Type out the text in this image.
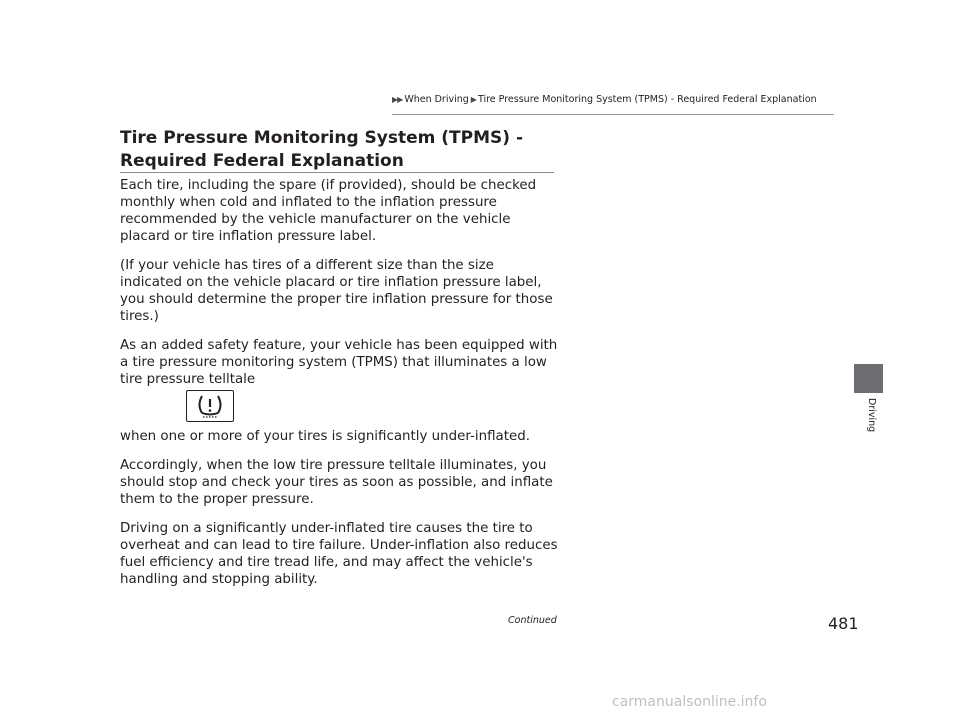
▶▶ When Driving ▶ Tire Pressure Monitoring System (TPMS) - Required Federal Explanation
Tire Pressure Monitoring System (TPMS) - Required Federal Explanation

Each tire, including the spare (if provided), should be checked monthly when cold and inflated to the inflation pressure recommended by the vehicle manufacturer on the vehicle placard or tire inflation pressure label.

(If your vehicle has tires of a different size than the size indicated on the vehicle placard or tire inflation pressure label, you should determine the proper tire inflation pressure for those tires.)

As an added safety feature, your vehicle has been equipped with a tire pressure monitoring system (TPMS) that illuminates a low tire pressure telltale

when one or more of your tires is significantly under-inflated.

Accordingly, when the low tire pressure telltale illuminates, you should stop and check your tires as soon as possible, and inflate them to the proper pressure.

Driving on a significantly under-inflated tire causes the tire to overheat and can lead to tire failure. Under-inflation also reduces fuel efficiency and tire tread life, and may affect the vehicle's handling and stopping ability.

Driving
Continued	481
carmanualsonline.info
